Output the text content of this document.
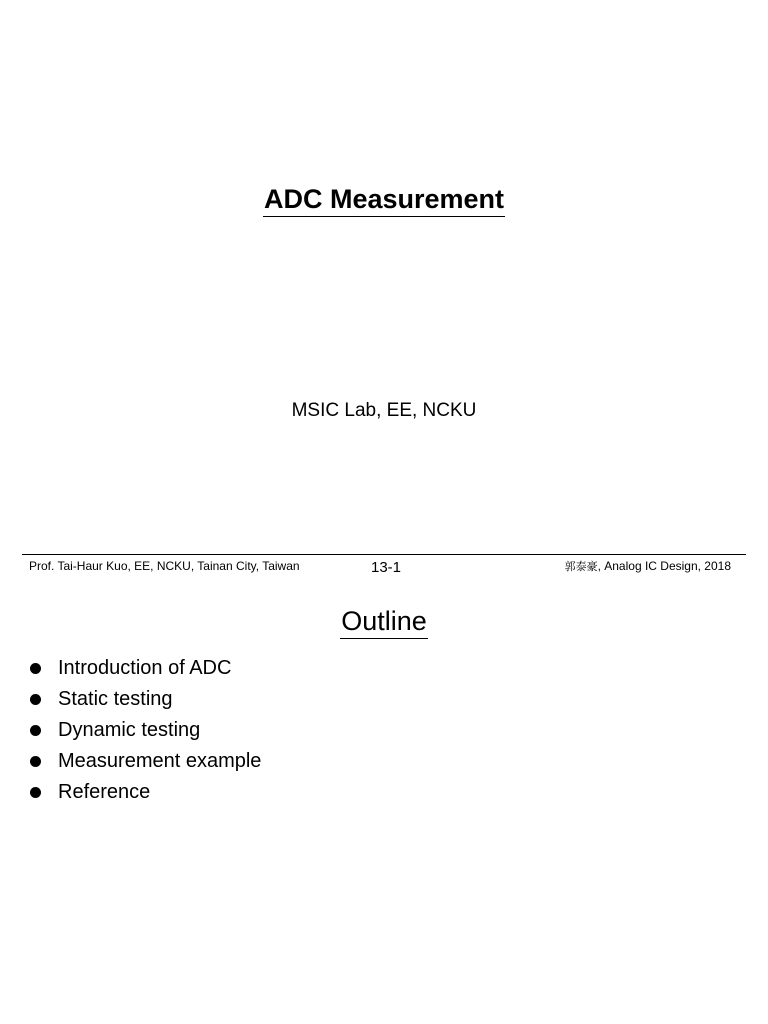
ADC Measurement
MSIC Lab, EE, NCKU
Prof. Tai-Haur Kuo, EE, NCKU, Tainan City, Taiwan	13-1	郭泰豪, Analog IC Design, 2018
Outline
Introduction of ADC
Static testing
Dynamic testing
Measurement example
Reference
